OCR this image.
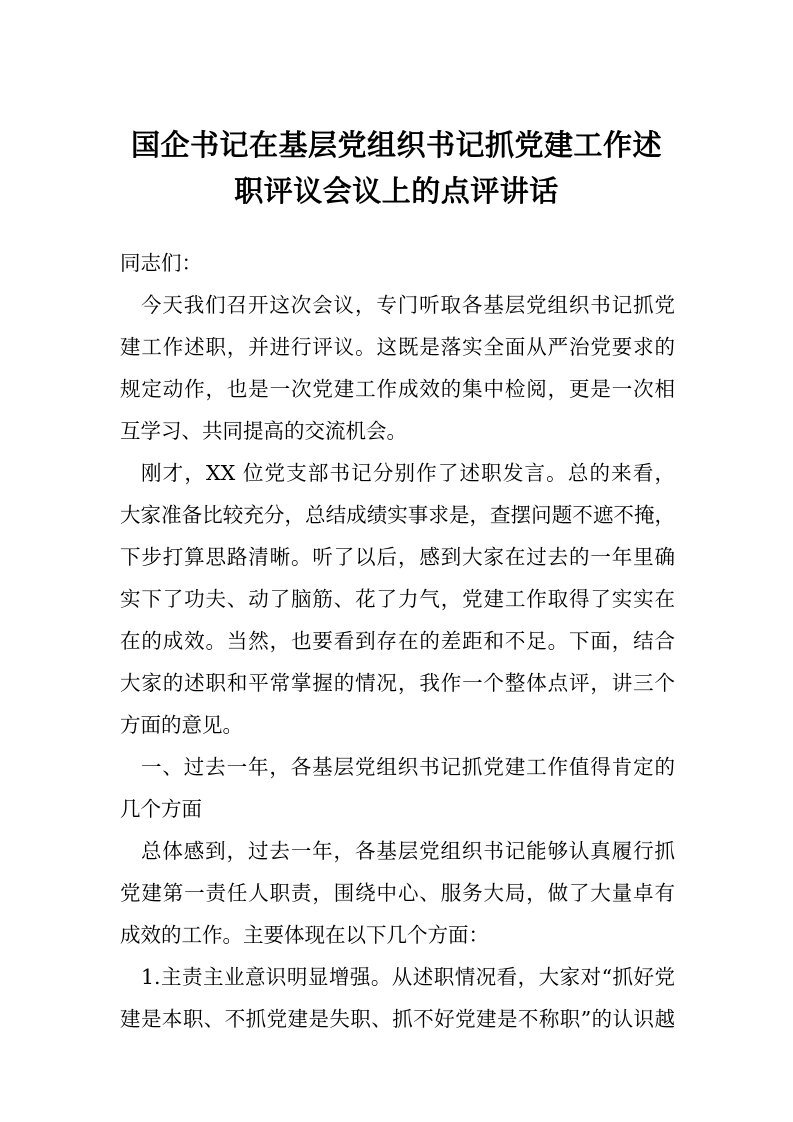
国企书记在基层党组织书记抓党建工作述
职评议会议上的点评讲话
同志们：
今天我们召开这次会议，专门听取各基层党组织书记抓党
建工作述职，并进行评议。这既是落实全面从严治党要求的
规定动作，也是一次党建工作成效的集中检阅，更是一次相
互学习、共同提高的交流机会。
刚才，XX 位党支部书记分别作了述职发言。总的来看，
大家准备比较充分，总结成绩实事求是，查摆问题不遮不掩，
下步打算思路清晰。听了以后，感到大家在过去的一年里确
实下了功夫、动了脑筋、花了力气，党建工作取得了实实在
在的成效。当然，也要看到存在的差距和不足。下面，结合
大家的述职和平常掌握的情况，我作一个整体点评，讲三个
方面的意见。
一、过去一年，各基层党组织书记抓党建工作值得肯定的
几个方面
总体感到，过去一年，各基层党组织书记能够认真履行抓
党建第一责任人职责，围绕中心、服务大局，做了大量卓有
成效的工作。主要体现在以下几个方面：
1.主责主业意识明显增强。从述职情况看，大家对“抓好党
建是本职、不抓党建是失职、抓不好党建是不称职”的认识越
